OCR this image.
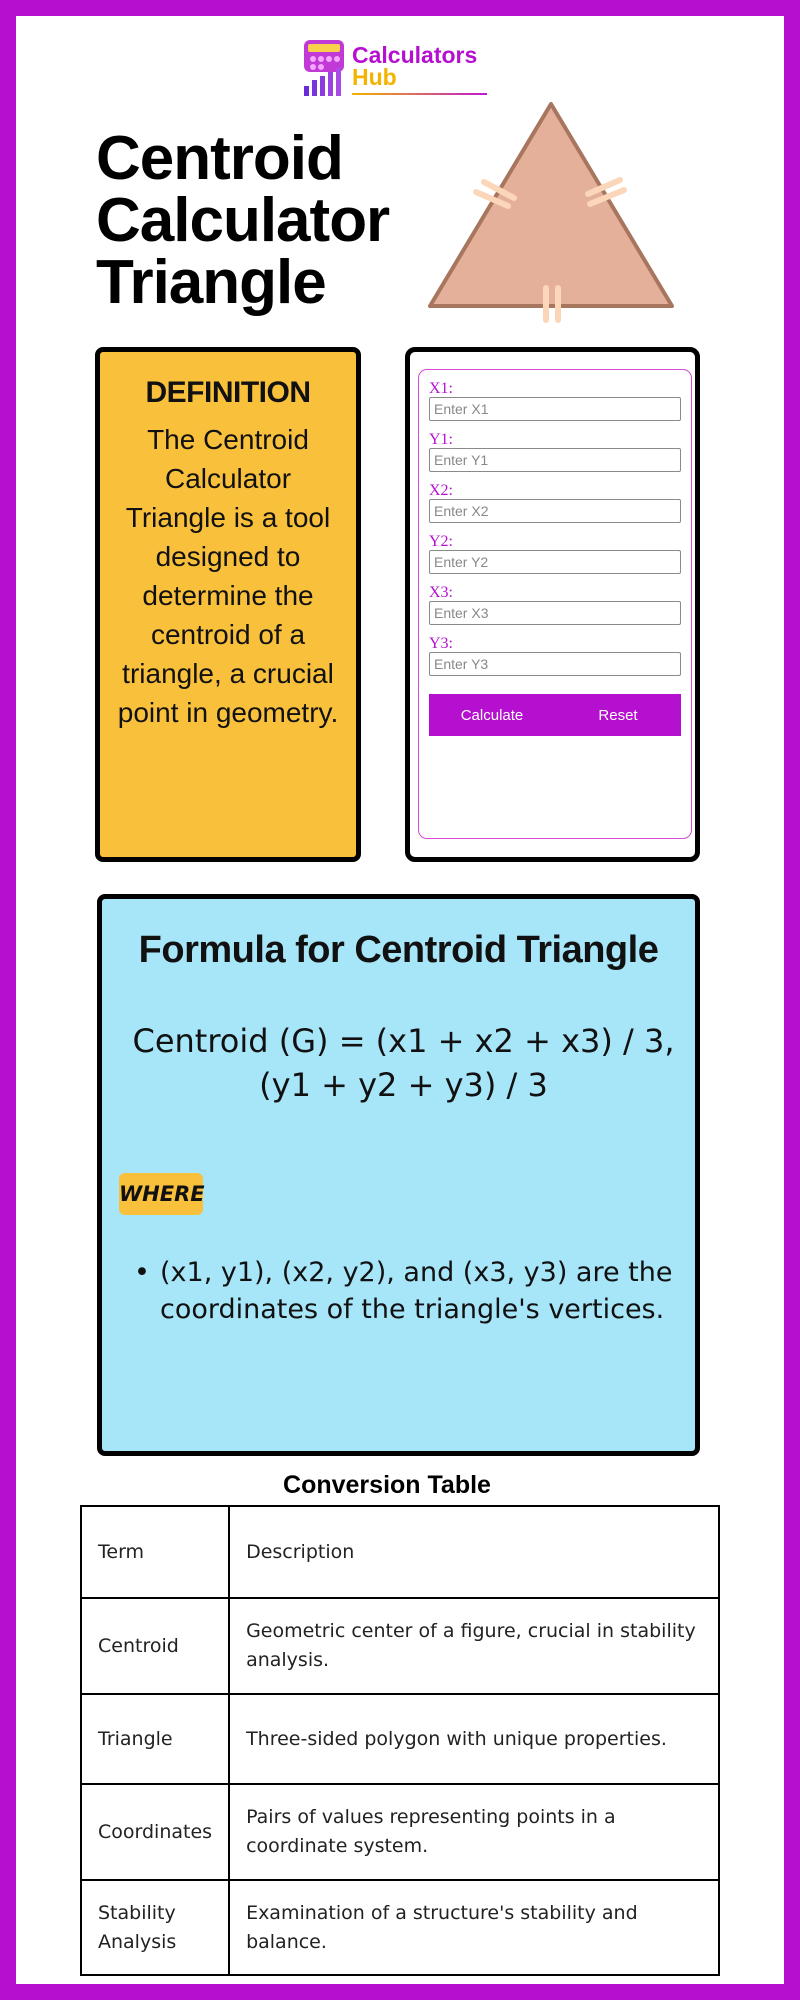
Calculators
Hub
Centroid
Calculator
Triangle
DEFINITION

The Centroid Calculator Triangle is a tool designed to determine the centroid of a triangle, a crucial point in geometry.

X1:
Enter X1
Y1:
Enter Y1
X2:
Enter X2
Y2:
Enter Y2
X3:
Enter X3
Y3:
Enter Y3
Calculate	Reset
Formula for Centroid Triangle
Centroid (G) = (x1 + x2 + x3) / 3, (y1 + y2 + y3) / 3
WHERE
• (x1, y1), (x2, y2), and (x3, y3) are the coordinates of the triangle's vertices.
Conversion Table
Term	Description
Centroid	Geometric center of a figure, crucial in stability analysis.
Triangle	Three-sided polygon with unique properties.
Coordinates	Pairs of values representing points in a coordinate system.
Stability Analysis	Examination of a structure's stability and balance.
